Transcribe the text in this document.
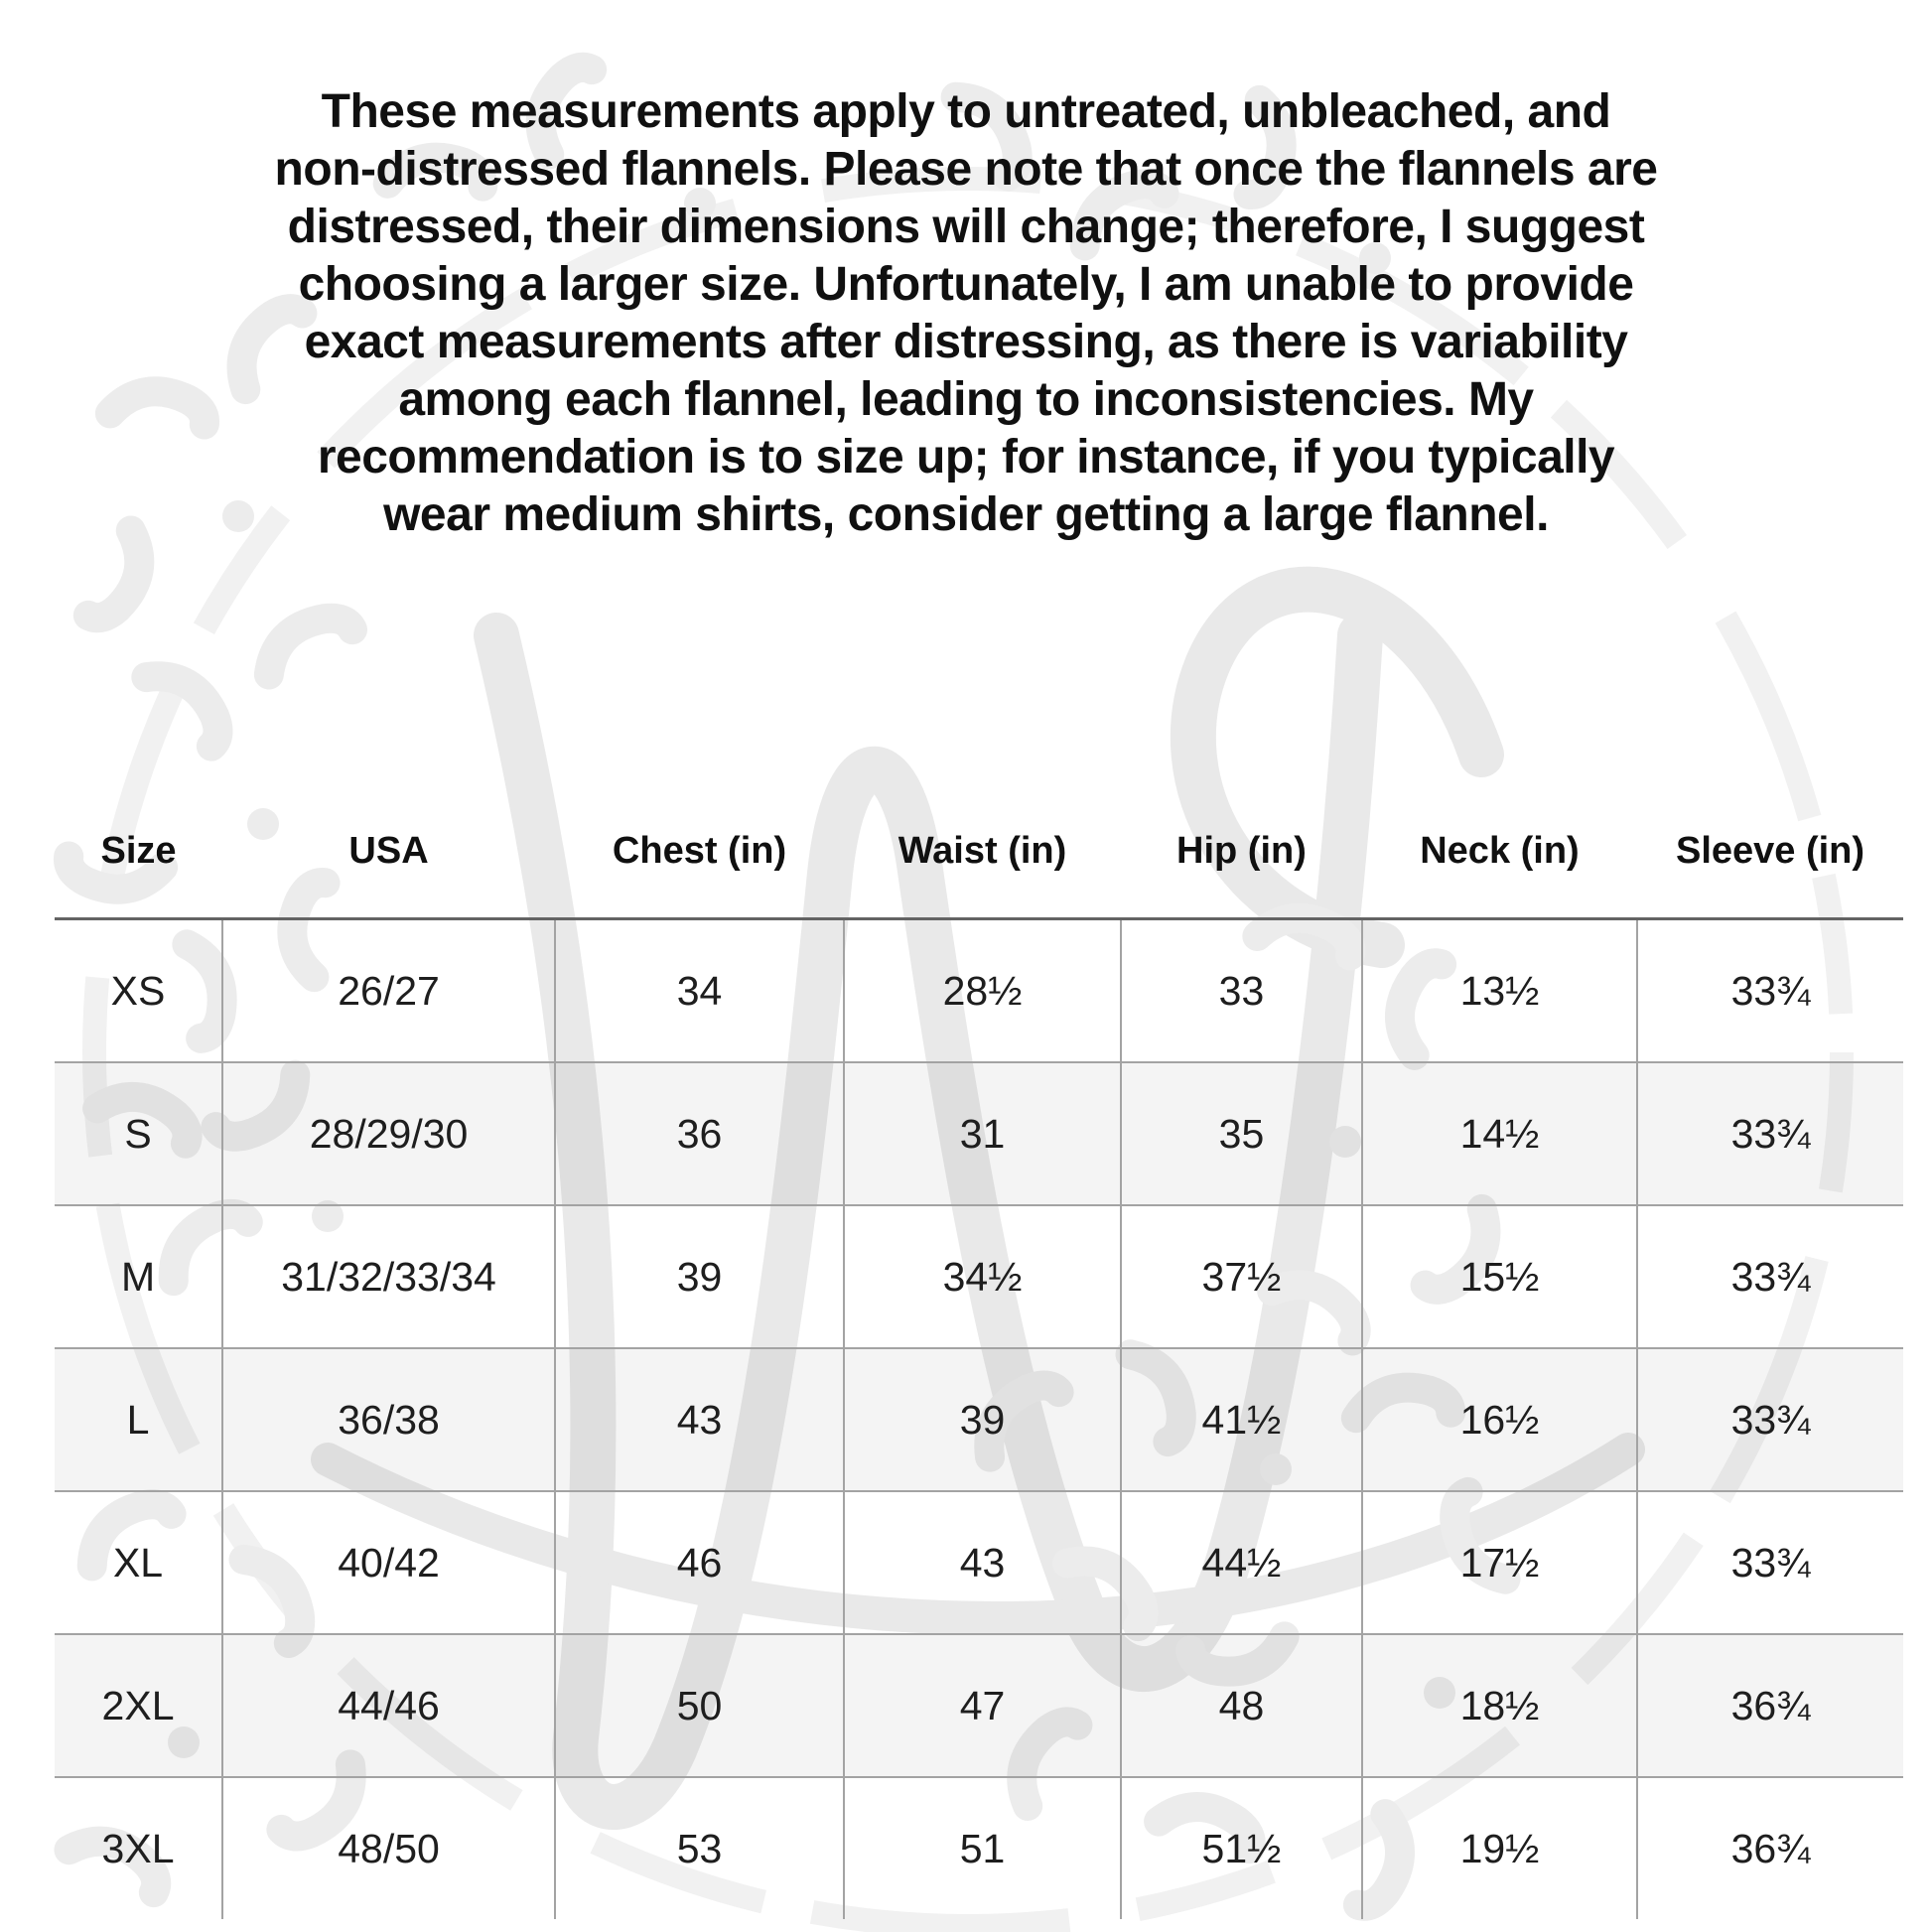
These measurements apply to untreated, unbleached, and
non-distressed flannels. Please note that once the flannels are
distressed, their dimensions will change; therefore, I suggest
choosing a larger size. Unfortunately, I am unable to provide
exact measurements after distressing, as there is variability
among each flannel, leading to inconsistencies. My
recommendation is to size up; for instance, if you typically
wear medium shirts, consider getting a large flannel.
Size	USA	Chest (in)	Waist (in)	Hip (in)	Neck (in)	Sleeve (in)
XS	26/27	34	28½	33	13½	33¾
S	28/29/30	36	31	35	14½	33¾
M	31/32/33/34	39	34½	37½	15½	33¾
L	36/38	43	39	41½	16½	33¾
XL	40/42	46	43	44½	17½	33¾
2XL	44/46	50	47	48	18½	36¾
3XL	48/50	53	51	51½	19½	36¾
